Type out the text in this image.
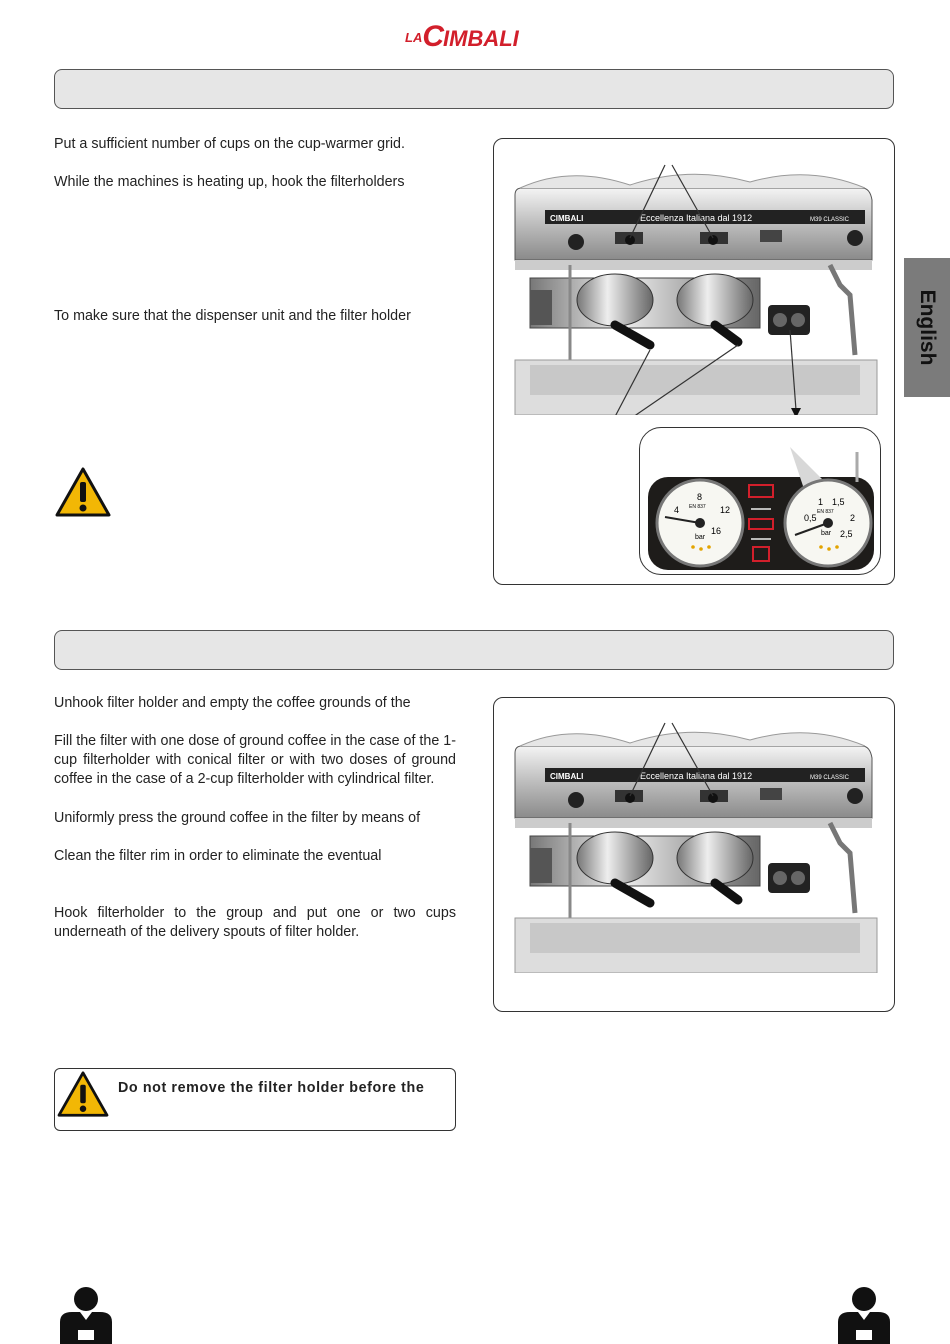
$^{LA}$CIMBALI
English

Put a sufficient number of cups on the cup-warmer grid.

While the machines is heating up, hook the filterholders

To make sure that the dispenser unit and the filter holder

CIMBALI	Eccellenza Italiana dal 1912	M39 CLASSIC
8
4	12
16
bar
EN 837	1 1,5
0,5	2
2,5
bar
EN 837

Unhook filter holder and empty the coffee grounds of the

Fill the filter with one dose of ground coffee in the case of the 1-cup filterholder with conical filter or with two doses of ground coffee in the case of a 2-cup filterholder with cylindrical filter.

Uniformly press the ground coffee in the filter by means of

Clean the filter rim in order to eliminate the eventual

Hook filterholder to the group and put one or two cups underneath of the delivery spouts of filter holder.

CIMBALI	Eccellenza Italiana dal 1912	M39 CLASSIC
Do not remove the filter holder before the
